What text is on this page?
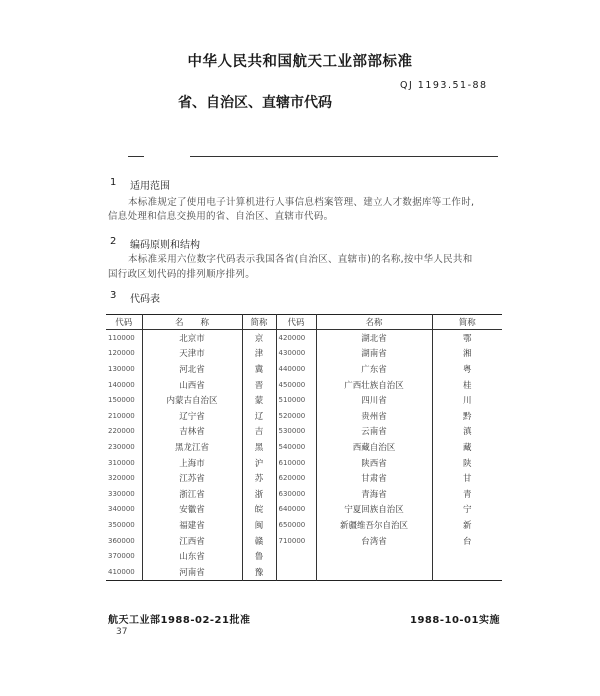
中华人民共和国航天工业部部标准
QJ 1193.51-88
省、自治区、直辖市代码
1 适用范围
本标准规定了使用电子计算机进行人事信息档案管理、建立人才数据库等工作时,
信息处理和信息交换用的省、自治区、直辖市代码。
2 编码原则和结构
本标准采用六位数字代码表示我国各省(自治区、直辖市)的名称,按中华人民共和
国行政区划代码的排列顺序排列。
3 代码表
代码	名　　称	简称	代码	名称	简称
110000	北京市	京	420000	湖北省	鄂
120000	天津市	津	430000	湖南省	湘
130000	河北省	冀	440000	广东省	粤
140000	山西省	晋	450000	广西壮族自治区	桂
150000	内蒙古自治区	蒙	510000	四川省	川
210000	辽宁省	辽	520000	贵州省	黔
220000	吉林省	吉	530000	云南省	滇
230000	黑龙江省	黑	540000	西藏自治区	藏
310000	上海市	沪	610000	陕西省	陕
320000	江苏省	苏	620000	甘肃省	甘
330000	浙江省	浙	630000	青海省	青
340000	安徽省	皖	640000	宁夏回族自治区	宁
350000	福建省	闽	650000	新疆维吾尔自治区	新
360000	江西省	赣	710000	台湾省	台
370000	山东省	鲁			
410000	河南省	豫			
航天工业部1988-02-21批准	1988-10-01实施
37
